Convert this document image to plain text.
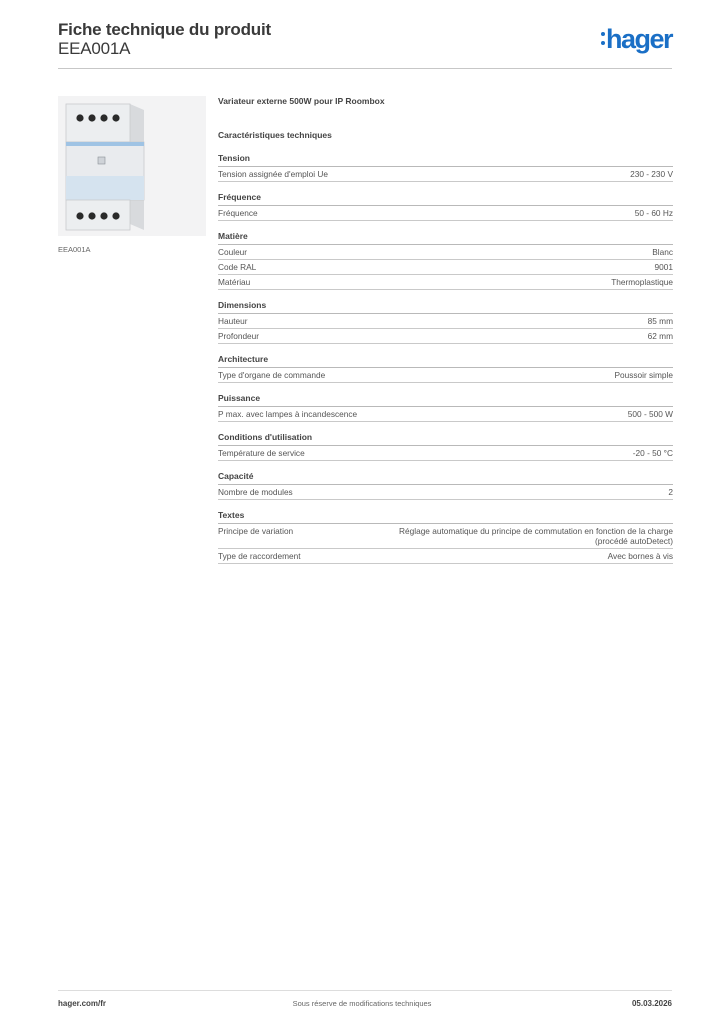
Fiche technique du produit
EEA001A	hager
EEA001A
Variateur externe 500W pour IP Roombox
Caractéristiques techniques
Tension
Tension assignée d'emploi Ue	230 - 230 V
Fréquence
Fréquence	50 - 60 Hz
Matière
Couleur	Blanc
Code RAL	9001
Matériau	Thermoplastique
Dimensions
Hauteur	85 mm
Profondeur	62 mm
Architecture
Type d'organe de commande	Poussoir simple
Puissance
P max. avec lampes à incandescence	500 - 500 W
Conditions d'utilisation
Température de service	-20 - 50 °C
Capacité
Nombre de modules	2
Textes
Principe de variation	Réglage automatique du principe de commutation en fonction de la charge (procédé autoDetect)
Type de raccordement	Avec bornes à vis
hager.com/fr	Sous réserve de modifications techniques	05.03.2026
